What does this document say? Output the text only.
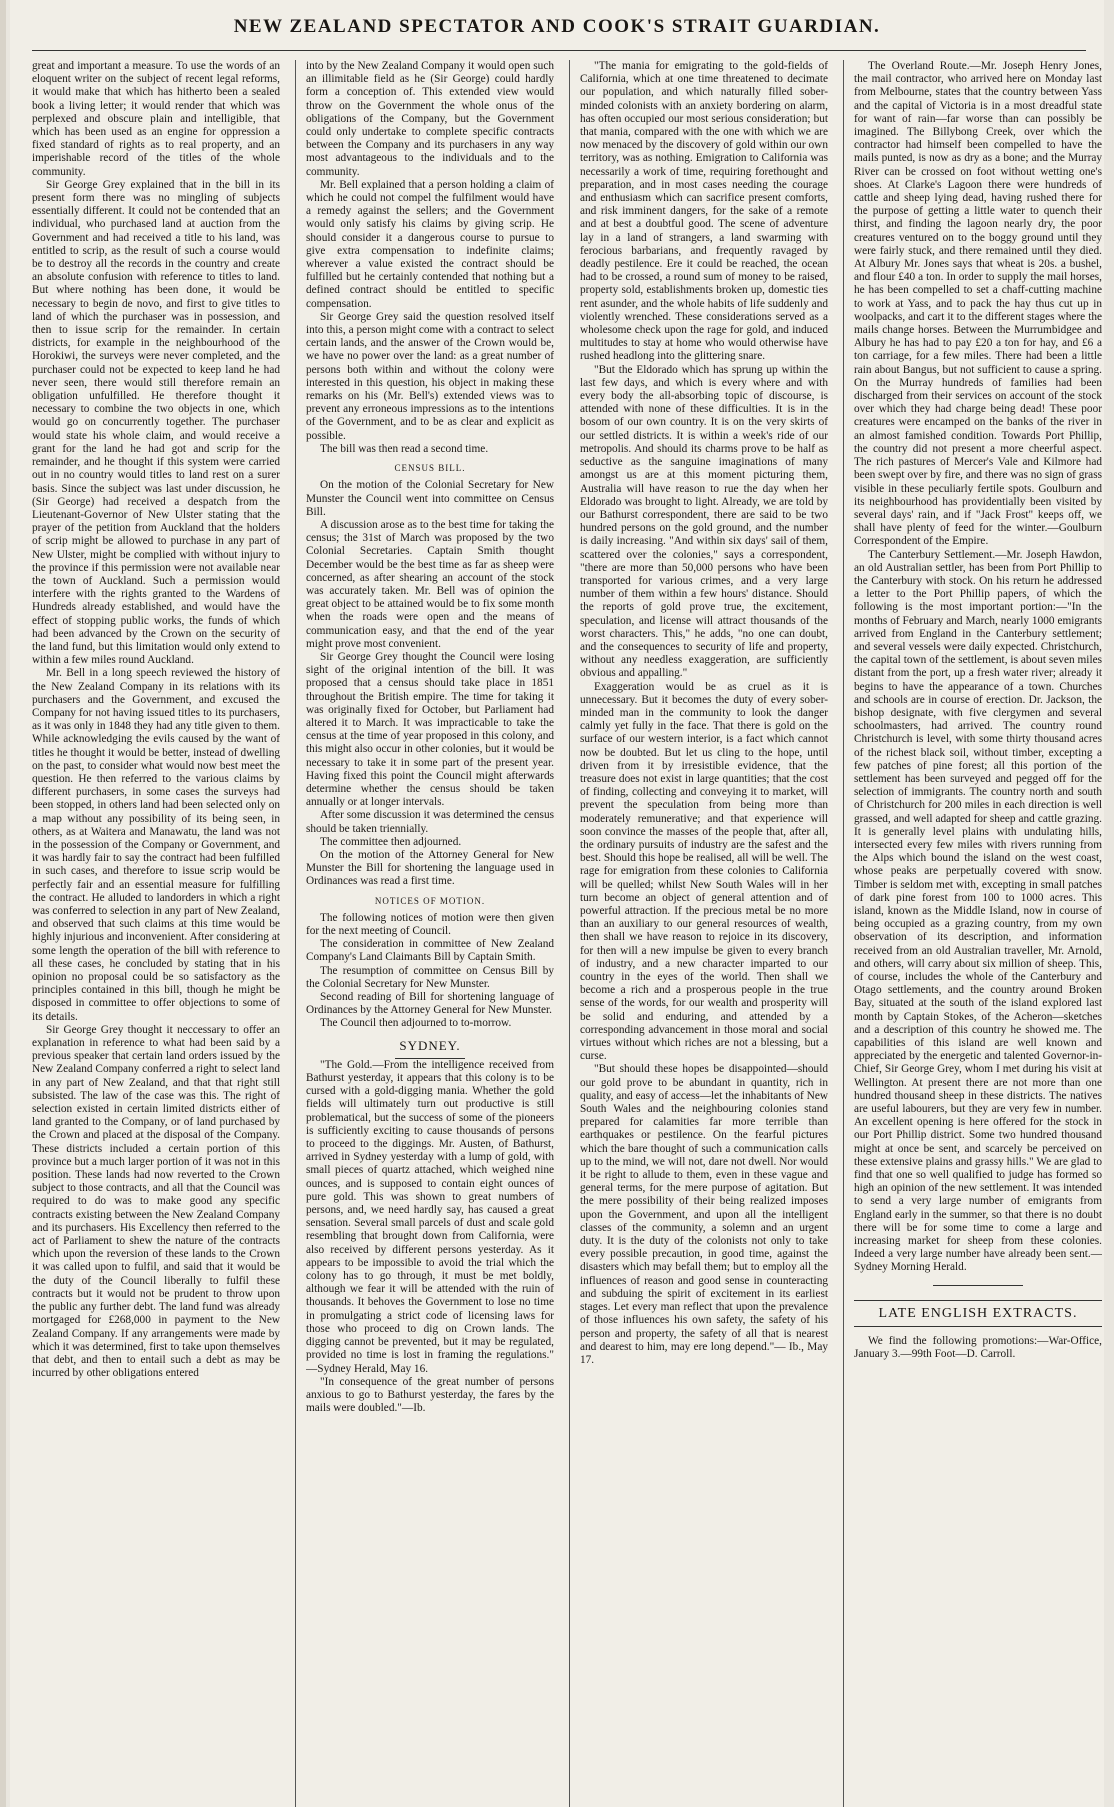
NEW ZEALAND SPECTATOR AND COOK'S STRAIT GUARDIAN.

great and important a measure. To use the words of an eloquent writer on the subject of recent legal reforms, it would make that which has hitherto been a sealed book a living letter; it would render that which was perplexed and obscure plain and intelligible, that which has been used as an engine for oppression a fixed standard of rights as to real property, and an imperishable record of the titles of the whole community.

Sir George Grey explained that in the bill in its present form there was no mingling of subjects essentially different. It could not be contended that an individual, who purchased land at auction from the Government and had received a title to his land, was entitled to scrip, as the result of such a course would be to destroy all the records in the country and create an absolute confusion with reference to titles to land. But where nothing has been done, it would be necessary to begin de novo, and first to give titles to land of which the purchaser was in possession, and then to issue scrip for the remainder. In certain districts, for example in the neighbourhood of the Horokiwi, the surveys were never completed, and the purchaser could not be expected to keep land he had never seen, there would still therefore remain an obligation unfulfilled. He therefore thought it necessary to combine the two objects in one, which would go on concurrently together. The purchaser would state his whole claim, and would receive a grant for the land he had got and scrip for the remainder, and he thought if this system were carried out in no country would titles to land rest on a surer basis. Since the subject was last under discussion, he (Sir George) had received a despatch from the Lieutenant-Governor of New Ulster stating that the prayer of the petition from Auckland that the holders of scrip might be allowed to purchase in any part of New Ulster, might be complied with without injury to the province if this permission were not available near the town of Auckland. Such a permission would interfere with the rights granted to the Wardens of Hundreds already established, and would have the effect of stopping public works, the funds of which had been advanced by the Crown on the security of the land fund, but this limitation would only extend to within a few miles round Auckland.

Mr. Bell in a long speech reviewed the history of the New Zealand Company in its relations with its purchasers and the Government, and excused the Company for not having issued titles to its purchasers, as it was only in 1848 they had any title given to them. While acknowledging the evils caused by the want of titles he thought it would be better, instead of dwelling on the past, to consider what would now best meet the question. He then referred to the various claims by different purchasers, in some cases the surveys had been stopped, in others land had been selected only on a map without any possibility of its being seen, in others, as at Waitera and Manawatu, the land was not in the possession of the Company or Government, and it was hardly fair to say the contract had been fulfilled in such cases, and therefore to issue scrip would be perfectly fair and an essential measure for fulfilling the contract. He alluded to landorders in which a right was conferred to selection in any part of New Zealand, and observed that such claims at this time would be highly injurious and inconvenient. After considering at some length the operation of the bill with reference to all these cases, he concluded by stating that in his opinion no proposal could be so satisfactory as the principles contained in this bill, though he might be disposed in committee to offer objections to some of its details.

Sir George Grey thought it neccessary to offer an explanation in reference to what had been said by a previous speaker that certain land orders issued by the New Zealand Company conferred a right to select land in any part of New Zealand, and that that right still subsisted. The law of the case was this. The right of selection existed in certain limited districts either of land granted to the Company, or of land purchased by the Crown and placed at the disposal of the Company. These districts included a certain portion of this province but a much larger portion of it was not in this position. These lands had now reverted to the Crown subject to those contracts, and all that the Council was required to do was to make good any specific contracts existing between the New Zealand Company and its purchasers. His Excellency then referred to the act of Parliament to shew the nature of the contracts which upon the reversion of these lands to the Crown it was called upon to fulfil, and said that it would be the duty of the Council liberally to fulfil these contracts but it would not be prudent to throw upon the public any further debt. The land fund was already mortgaged for £268,000 in payment to the New Zealand Company. If any arrangements were made by which it was determined, first to take upon themselves that debt, and then to entail such a debt as may be incurred by other obligations entered

into by the New Zealand Company it would open such an illimitable field as he (Sir George) could hardly form a conception of. This extended view would throw on the Government the whole onus of the obligations of the Company, but the Government could only undertake to complete specific contracts between the Company and its purchasers in any way most advantageous to the individuals and to the community.

Mr. Bell explained that a person holding a claim of which he could not compel the fulfilment would have a remedy against the sellers; and the Government would only satisfy his claims by giving scrip. He should consider it a dangerous course to pursue to give extra compensation to indefinite claims; wherever a value existed the contract should be fulfilled but he certainly contended that nothing but a defined contract should be entitled to specific compensation.

Sir George Grey said the question resolved itself into this, a person might come with a contract to select certain lands, and the answer of the Crown would be, we have no power over the land: as a great number of persons both within and without the colony were interested in this question, his object in making these remarks on his (Mr. Bell's) extended views was to prevent any erroneous impressions as to the intentions of the Government, and to be as clear and explicit as possible.

The bill was then read a second time.

CENSUS BILL.

On the motion of the Colonial Secretary for New Munster the Council went into committee on Census Bill.

A discussion arose as to the best time for taking the census; the 31st of March was proposed by the two Colonial Secretaries. Captain Smith thought December would be the best time as far as sheep were concerned, as after shearing an account of the stock was accurately taken. Mr. Bell was of opinion the great object to be attained would be to fix some month when the roads were open and the means of communication easy, and that the end of the year might prove most convenient.

Sir George Grey thought the Council were losing sight of the original intention of the bill. It was proposed that a census should take place in 1851 throughout the British empire. The time for taking it was originally fixed for October, but Parliament had altered it to March. It was impracticable to take the census at the time of year proposed in this colony, and this might also occur in other colonies, but it would be necessary to take it in some part of the present year. Having fixed this point the Council might afterwards determine whether the census should be taken annually or at longer intervals.

After some discussion it was determined the census should be taken triennially.

The committee then adjourned.

On the motion of the Attorney General for New Munster the Bill for shortening the language used in Ordinances was read a first time.

NOTICES OF MOTION.

The following notices of motion were then given for the next meeting of Council.

The consideration in committee of New Zealand Company's Land Claimants Bill by Captain Smith.

The resumption of committee on Census Bill by the Colonial Secretary for New Munster.

Second reading of Bill for shortening language of Ordinances by the Attorney General for New Munster.

The Council then adjourned to to-morrow.

SYDNEY.

"The Gold.—From the intelligence received from Bathurst yesterday, it appears that this colony is to be cursed with a gold-digging mania. Whether the gold fields will ultimately turn out productive is still problematical, but the success of some of the pioneers is sufficiently exciting to cause thousands of persons to proceed to the diggings. Mr. Austen, of Bathurst, arrived in Sydney yesterday with a lump of gold, with small pieces of quartz attached, which weighed nine ounces, and is supposed to contain eight ounces of pure gold. This was shown to great numbers of persons, and, we need hardly say, has caused a great sensation. Several small parcels of dust and scale gold resembling that brought down from California, were also received by different persons yesterday. As it appears to be impossible to avoid the trial which the colony has to go through, it must be met boldly, although we fear it will be attended with the ruin of thousands. It behoves the Government to lose no time in promulgating a strict code of licensing laws for those who proceed to dig on Crown lands. The digging cannot be prevented, but it may be regulated, provided no time is lost in framing the regulations." —Sydney Herald, May 16.

"In consequence of the great number of persons anxious to go to Bathurst yesterday, the fares by the mails were doubled."—Ib.

"The mania for emigrating to the gold-fields of California, which at one time threatened to decimate our population, and which naturally filled sober-minded colonists with an anxiety bordering on alarm, has often occupied our most serious consideration; but that mania, compared with the one with which we are now menaced by the discovery of gold within our own territory, was as nothing. Emigration to California was necessarily a work of time, requiring forethought and preparation, and in most cases needing the courage and enthusiasm which can sacrifice present comforts, and risk imminent dangers, for the sake of a remote and at best a doubtful good. The scene of adventure lay in a land of strangers, a land swarming with ferocious barbarians, and frequently ravaged by deadly pestilence. Ere it could be reached, the ocean had to be crossed, a round sum of money to be raised, property sold, establishments broken up, domestic ties rent asunder, and the whole habits of life suddenly and violently wrenched. These considerations served as a wholesome check upon the rage for gold, and induced multitudes to stay at home who would otherwise have rushed headlong into the glittering snare.

"But the Eldorado which has sprung up within the last few days, and which is every where and with every body the all-absorbing topic of discourse, is attended with none of these difficulties. It is in the bosom of our own country. It is on the very skirts of our settled districts. It is within a week's ride of our metropolis. And should its charms prove to be half as seductive as the sanguine imaginations of many amongst us are at this moment picturing them, Australia will have reason to rue the day when her Eldorado was brought to light. Already, we are told by our Bathurst correspondent, there are said to be two hundred persons on the gold ground, and the number is daily increasing. "And within six days' sail of them, scattered over the colonies," says a correspondent, "there are more than 50,000 persons who have been transported for various crimes, and a very large number of them within a few hours' distance. Should the reports of gold prove true, the excitement, speculation, and license will attract thousands of the worst characters. This," he adds, "no one can doubt, and the consequences to security of life and property, without any needless exaggeration, are sufficiently obvious and appalling."

Exaggeration would be as cruel as it is unnecessary. But it becomes the duty of every sober-minded man in the community to look the danger calmly yet fully in the face. That there is gold on the surface of our western interior, is a fact which cannot now be doubted. But let us cling to the hope, until driven from it by irresistible evidence, that the treasure does not exist in large quantities; that the cost of finding, collecting and conveying it to market, will prevent the speculation from being more than moderately remunerative; and that experience will soon convince the masses of the people that, after all, the ordinary pursuits of industry are the safest and the best. Should this hope be realised, all will be well. The rage for emigration from these colonies to California will be quelled; whilst New South Wales will in her turn become an object of general attention and of powerful attraction. If the precious metal be no more than an auxiliary to our general resources of wealth, then shall we have reason to rejoice in its discovery, for then will a new impulse be given to every branch of industry, and a new character imparted to our country in the eyes of the world. Then shall we become a rich and a prosperous people in the true sense of the words, for our wealth and prosperity will be solid and enduring, and attended by a corresponding advancement in those moral and social virtues without which riches are not a blessing, but a curse.

"But should these hopes be disappointed—should our gold prove to be abundant in quantity, rich in quality, and easy of access—let the inhabitants of New South Wales and the neighbouring colonies stand prepared for calamities far more terrible than earthquakes or pestilence. On the fearful pictures which the bare thought of such a communication calls up to the mind, we will not, dare not dwell. Nor would it be right to allude to them, even in these vague and general terms, for the mere purpose of agitation. But the mere possibility of their being realized imposes upon the Government, and upon all the intelligent classes of the community, a solemn and an urgent duty. It is the duty of the colonists not only to take every possible precaution, in good time, against the disasters which may befall them; but to employ all the influences of reason and good sense in counteracting and subduing the spirit of excitement in its earliest stages. Let every man reflect that upon the prevalence of those influences his own safety, the safety of his person and property, the safety of all that is nearest and dearest to him, may ere long depend."— Ib., May 17.

The Overland Route.—Mr. Joseph Henry Jones, the mail contractor, who arrived here on Monday last from Melbourne, states that the country between Yass and the capital of Victoria is in a most dreadful state for want of rain—far worse than can possibly be imagined. The Billybong Creek, over which the contractor had himself been compelled to have the mails punted, is now as dry as a bone; and the Murray River can be crossed on foot without wetting one's shoes. At Clarke's Lagoon there were hundreds of cattle and sheep lying dead, having rushed there for the purpose of getting a little water to quench their thirst, and finding the lagoon nearly dry, the poor creatures ventured on to the boggy ground until they were fairly stuck, and there remained until they died. At Albury Mr. Jones says that wheat is 20s. a bushel, and flour £40 a ton. In order to supply the mail horses, he has been compelled to set a chaff-cutting machine to work at Yass, and to pack the hay thus cut up in woolpacks, and cart it to the different stages where the mails change horses. Between the Murrumbidgee and Albury he has had to pay £20 a ton for hay, and £6 a ton carriage, for a few miles. There had been a little rain about Bangus, but not sufficient to cause a spring. On the Murray hundreds of families had been discharged from their services on account of the stock over which they had charge being dead! These poor creatures were encamped on the banks of the river in an almost famished condition. Towards Port Phillip, the country did not present a more cheerful aspect. The rich pastures of Mercer's Vale and Kilmore had been swept over by fire, and there was no sign of grass visible in these peculiarly fertile spots. Goulburn and its neighbourhood has providentially been visited by several days' rain, and if "Jack Frost" keeps off, we shall have plenty of feed for the winter.—Goulburn Correspondent of the Empire.

The Canterbury Settlement.—Mr. Joseph Hawdon, an old Australian settler, has been from Port Phillip to the Canterbury with stock. On his return he addressed a letter to the Port Phillip papers, of which the following is the most important portion:—"In the months of February and March, nearly 1000 emigrants arrived from England in the Canterbury settlement; and several vessels were daily expected. Christchurch, the capital town of the settlement, is about seven miles distant from the port, up a fresh water river; already it begins to have the appearance of a town. Churches and schools are in course of erection. Dr. Jackson, the bishop designate, with five clergymen and several schoolmasters, had arrived. The country round Christchurch is level, with some thirty thousand acres of the richest black soil, without timber, excepting a few patches of pine forest; all this portion of the settlement has been surveyed and pegged off for the selection of immigrants. The country north and south of Christchurch for 200 miles in each direction is well grassed, and well adapted for sheep and cattle grazing. It is generally level plains with undulating hills, intersected every few miles with rivers running from the Alps which bound the island on the west coast, whose peaks are perpetually covered with snow. Timber is seldom met with, excepting in small patches of dark pine forest from 100 to 1000 acres. This island, known as the Middle Island, now in course of being occupied as a grazing country, from my own observation of its description, and information received from an old Australian traveller, Mr. Arnold, and others, will carry about six million of sheep. This, of course, includes the whole of the Canterbury and Otago settlements, and the country around Broken Bay, situated at the south of the island explored last month by Captain Stokes, of the Acheron—sketches and a description of this country he showed me. The capabilities of this island are well known and appreciated by the energetic and talented Governor-in-Chief, Sir George Grey, whom I met during his visit at Wellington. At present there are not more than one hundred thousand sheep in these districts. The natives are useful labourers, but they are very few in number. An excellent opening is here offered for the stock in our Port Phillip district. Some two hundred thousand might at once be sent, and scarcely be perceived on these extensive plains and grassy hills." We are glad to find that one so well qualified to judge has formed so high an opinion of the new settlement. It was intended to send a very large number of emigrants from England early in the summer, so that there is no doubt there will be for some time to come a large and increasing market for sheep from these colonies. Indeed a very large number have already been sent.—Sydney Morning Herald.

LATE ENGLISH EXTRACTS.

We find the following promotions:—War-Office, January 3.—99th Foot—D. Carroll.
